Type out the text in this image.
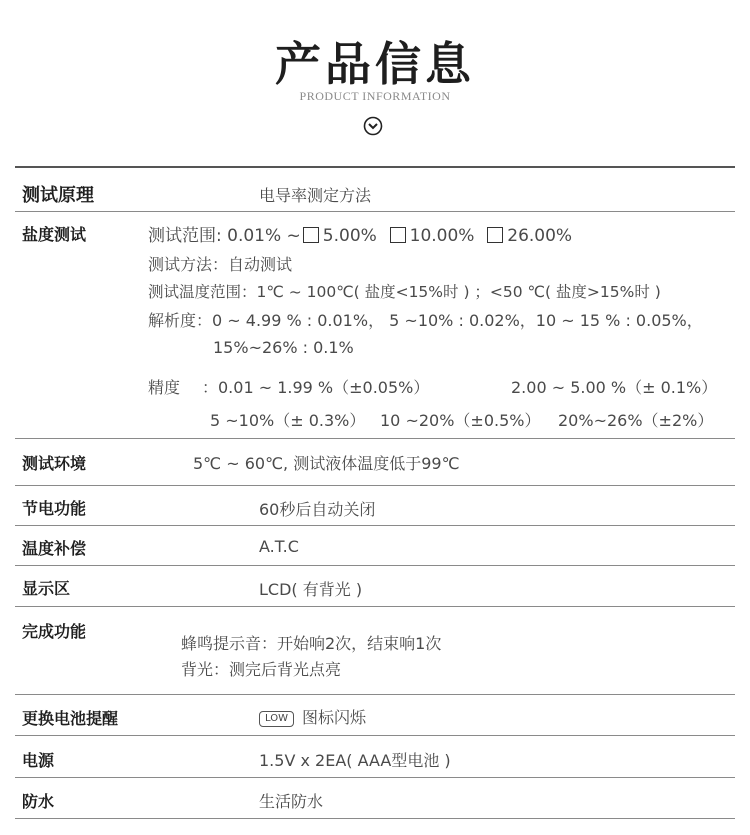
产品信息
PRODUCT INFORMATION
测试原理	电导率测定方法
盐度测试	测试范围: 0.01% ~ 5.00% 10.00% 26.00%
测试方法：自动测试
测试温度范围：1℃ ~ 100℃( 盐度<15%时 ) ；<50 ℃( 盐度>15%时 )
解析度：0 ~ 4.99 % : 0.01%， 5 ~10% : 0.02%，10 ~ 15 % : 0.05%，
15%~26% : 0.1%
精度 ：0.01 ~ 1.99 %（±0.05%）	2.00 ~ 5.00 %（± 0.1%）
5 ~10%（± 0.3%） 10 ~20%（±0.5%） 20%~26%（±2%）
测试环境	5℃ ~ 60℃, 测试液体温度低于99℃
节电功能	60秒后自动关闭
温度补偿	A.T.C
显示区	LCD( 有背光 )
完成功能
蜂鸣提示音：开始响2次，结束响1次
背光：测完后背光点亮
更换电池提醒	LOW 图标闪烁
电源	1.5V x 2EA( AAA型电池 )
防水	生活防水
